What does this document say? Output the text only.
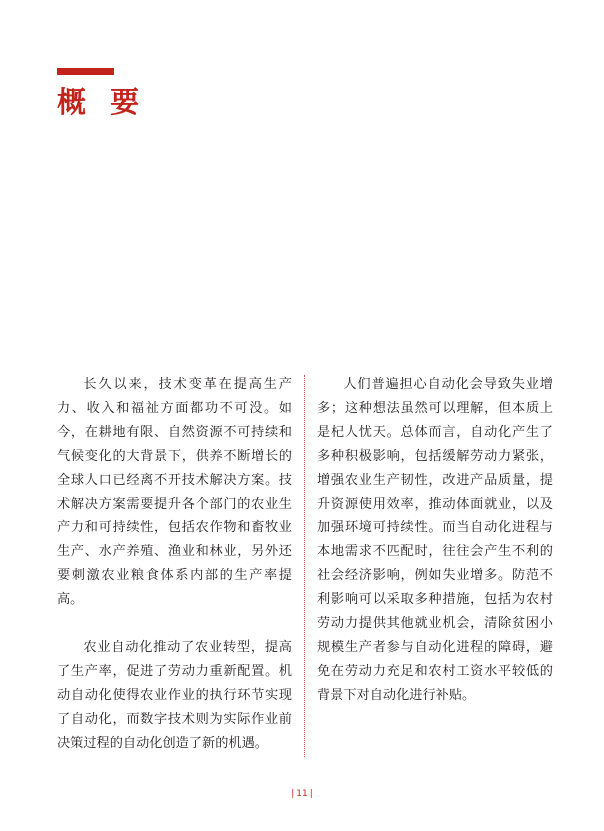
概 要

长久以来，技术变革在提高生产力、收入和福祉方面都功不可没。如今，在耕地有限、自然资源不可持续和气候变化的大背景下，供养不断增长的全球人口已经离不开技术解决方案。技术解决方案需要提升各个部门的农业生产力和可持续性，包括农作物和畜牧业生产、水产养殖、渔业和林业，另外还要刺激农业粮食体系内部的生产率提高。

农业自动化推动了农业转型，提高了生产率，促进了劳动力重新配置。机动自动化使得农业作业的执行环节实现了自动化，而数字技术则为实际作业前决策过程的自动化创造了新的机遇。

人们普遍担心自动化会导致失业增多；这种想法虽然可以理解，但本质上是杞人忧天。总体而言，自动化产生了多种积极影响，包括缓解劳动力紧张，增强农业生产韧性，改进产品质量，提升资源使用效率，推动体面就业，以及加强环境可持续性。而当自动化进程与本地需求不匹配时，往往会产生不利的社会经济影响，例如失业增多。防范不利影响可以采取多种措施，包括为农村劳动力提供其他就业机会，清除贫困小规模生产者参与自动化进程的障碍，避免在劳动力充足和农村工资水平较低的背景下对自动化进行补贴。

| 11 |
